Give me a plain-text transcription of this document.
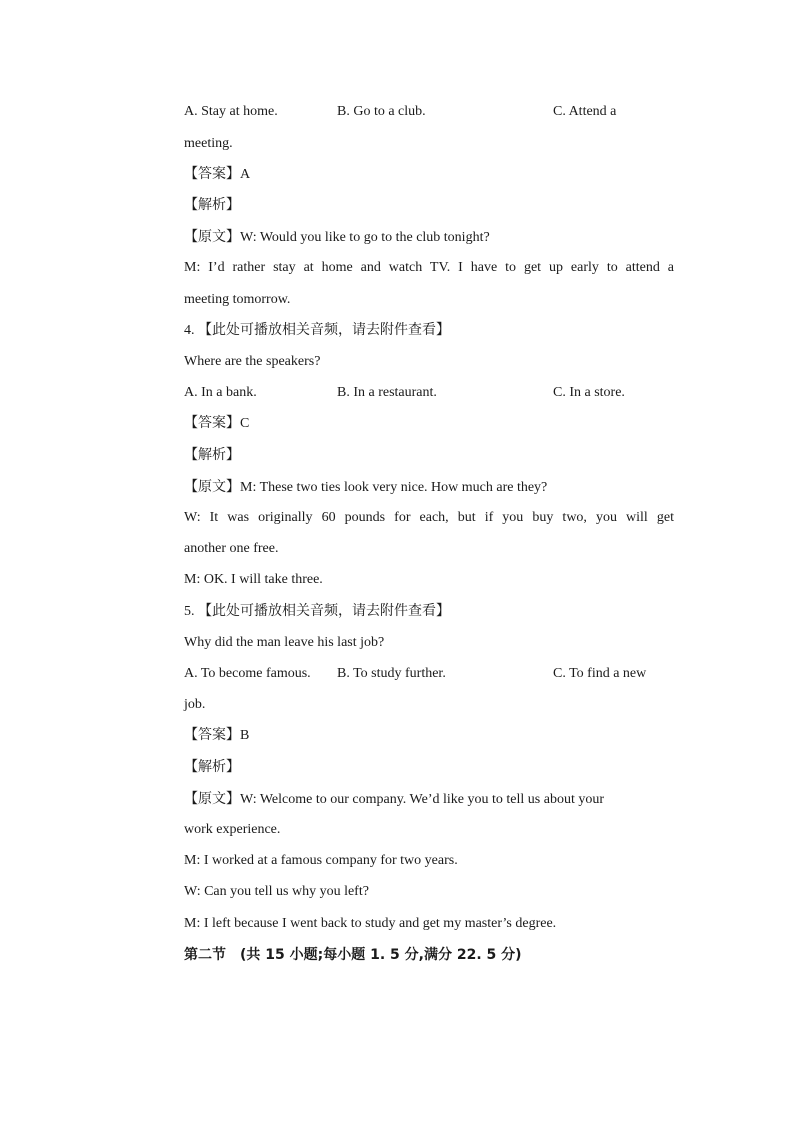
A. Stay at home.	B. Go to a club.	C. Attend a
meeting.
【答案】A
【解析】
【原文】W: Would you like to go to the club tonight?
M: I’d rather stay at home and watch TV. I have to get up early to attend a
meeting tomorrow.
4. 【此处可播放相关音频，请去附件查看】
Where are the speakers?
A. In a bank.	B. In a restaurant.	C. In a store.
【答案】C
【解析】
【原文】M: These two ties look very nice. How much are they?
W: It was originally 60 pounds for each, but if you buy two, you will get
another one free.
M: OK. I will take three.
5. 【此处可播放相关音频，请去附件查看】
Why did the man leave his last job?
A. To become famous. B. To study further.	C. To find a new
job.
【答案】B
【解析】
【原文】W: Welcome to our company. We’d like you to tell us about your
work experience.
M: I worked at a famous company for two years.
W: Can you tell us why you left?
M: I left because I went back to study and get my master’s degree.
第二节　(共 15 小题;每小题 1. 5 分,满分 22. 5 分)
